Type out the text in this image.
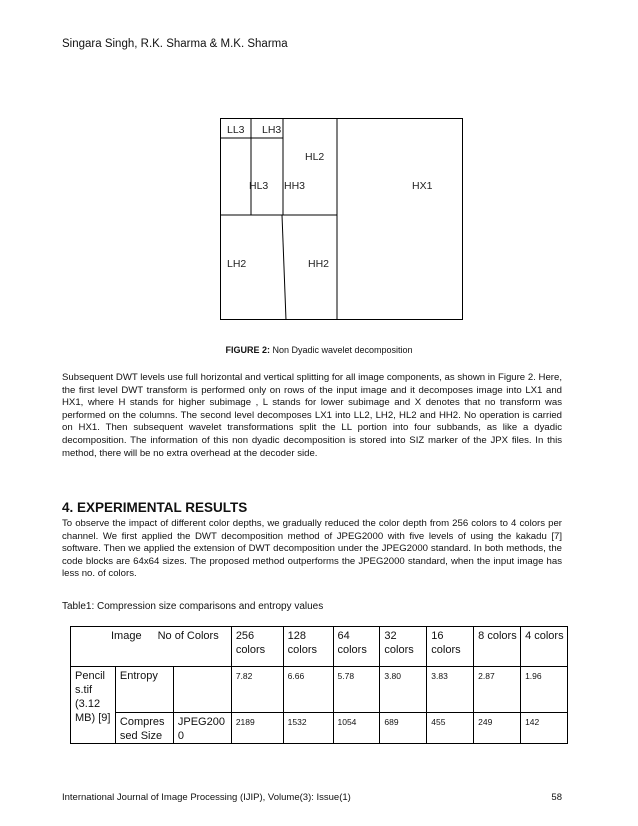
Singara Singh, R.K. Sharma & M.K. Sharma
LL3 LH3
HL2
HL3 HH3	HX1
LH2	HH2
FIGURE 2: Non Dyadic wavelet decomposition
Subsequent DWT levels use full horizontal and vertical splitting for all image components, as shown in Figure 2. Here, the first level DWT transform is performed only on rows of the input image and it decomposes image into LX1 and HX1, where H stands for higher subimage , L stands for lower subimage and X denotes that no transform was performed on the columns. The second level decomposes LX1 into LL2, LH2, HL2 and HH2. No operation is carried on HX1. Then subsequent wavelet transformations split the LL portion into four subbands, as like a dyadic decomposition. The information of this non dyadic decomposition is stored into SIZ marker of the JPX files. In this method, there will be no extra overhead at the decoder side.
4. EXPERIMENTAL RESULTS
To observe the impact of different color depths, we gradually reduced the color depth from 256 colors to 4 colors per channel. We first applied the DWT decomposition method of JPEG2000 with five levels of using the kakadu [7] software. Then we applied the extension of DWT decomposition under the JPEG2000 standard. In both methods, the code blocks are 64x64 sizes. The proposed method outperforms the JPEG2000 standard, when the input image has less no. of colors.
Table1: Compression size comparisons and entropy values
Image No of Colors			256 colors	128 colors	64 colors	32 colors	16 colors	8 colors	4 colors
Pencil s.tif (3.12 MB) [9]	Entropy		7.82	6.66	5.78	3.80	3.83	2.87	1.96
	Compres sed Size	JPEG200 0	2189	1532	1054	689	455	249	142
International Journal of Image Processing (IJIP), Volume(3): Issue(1)	58
